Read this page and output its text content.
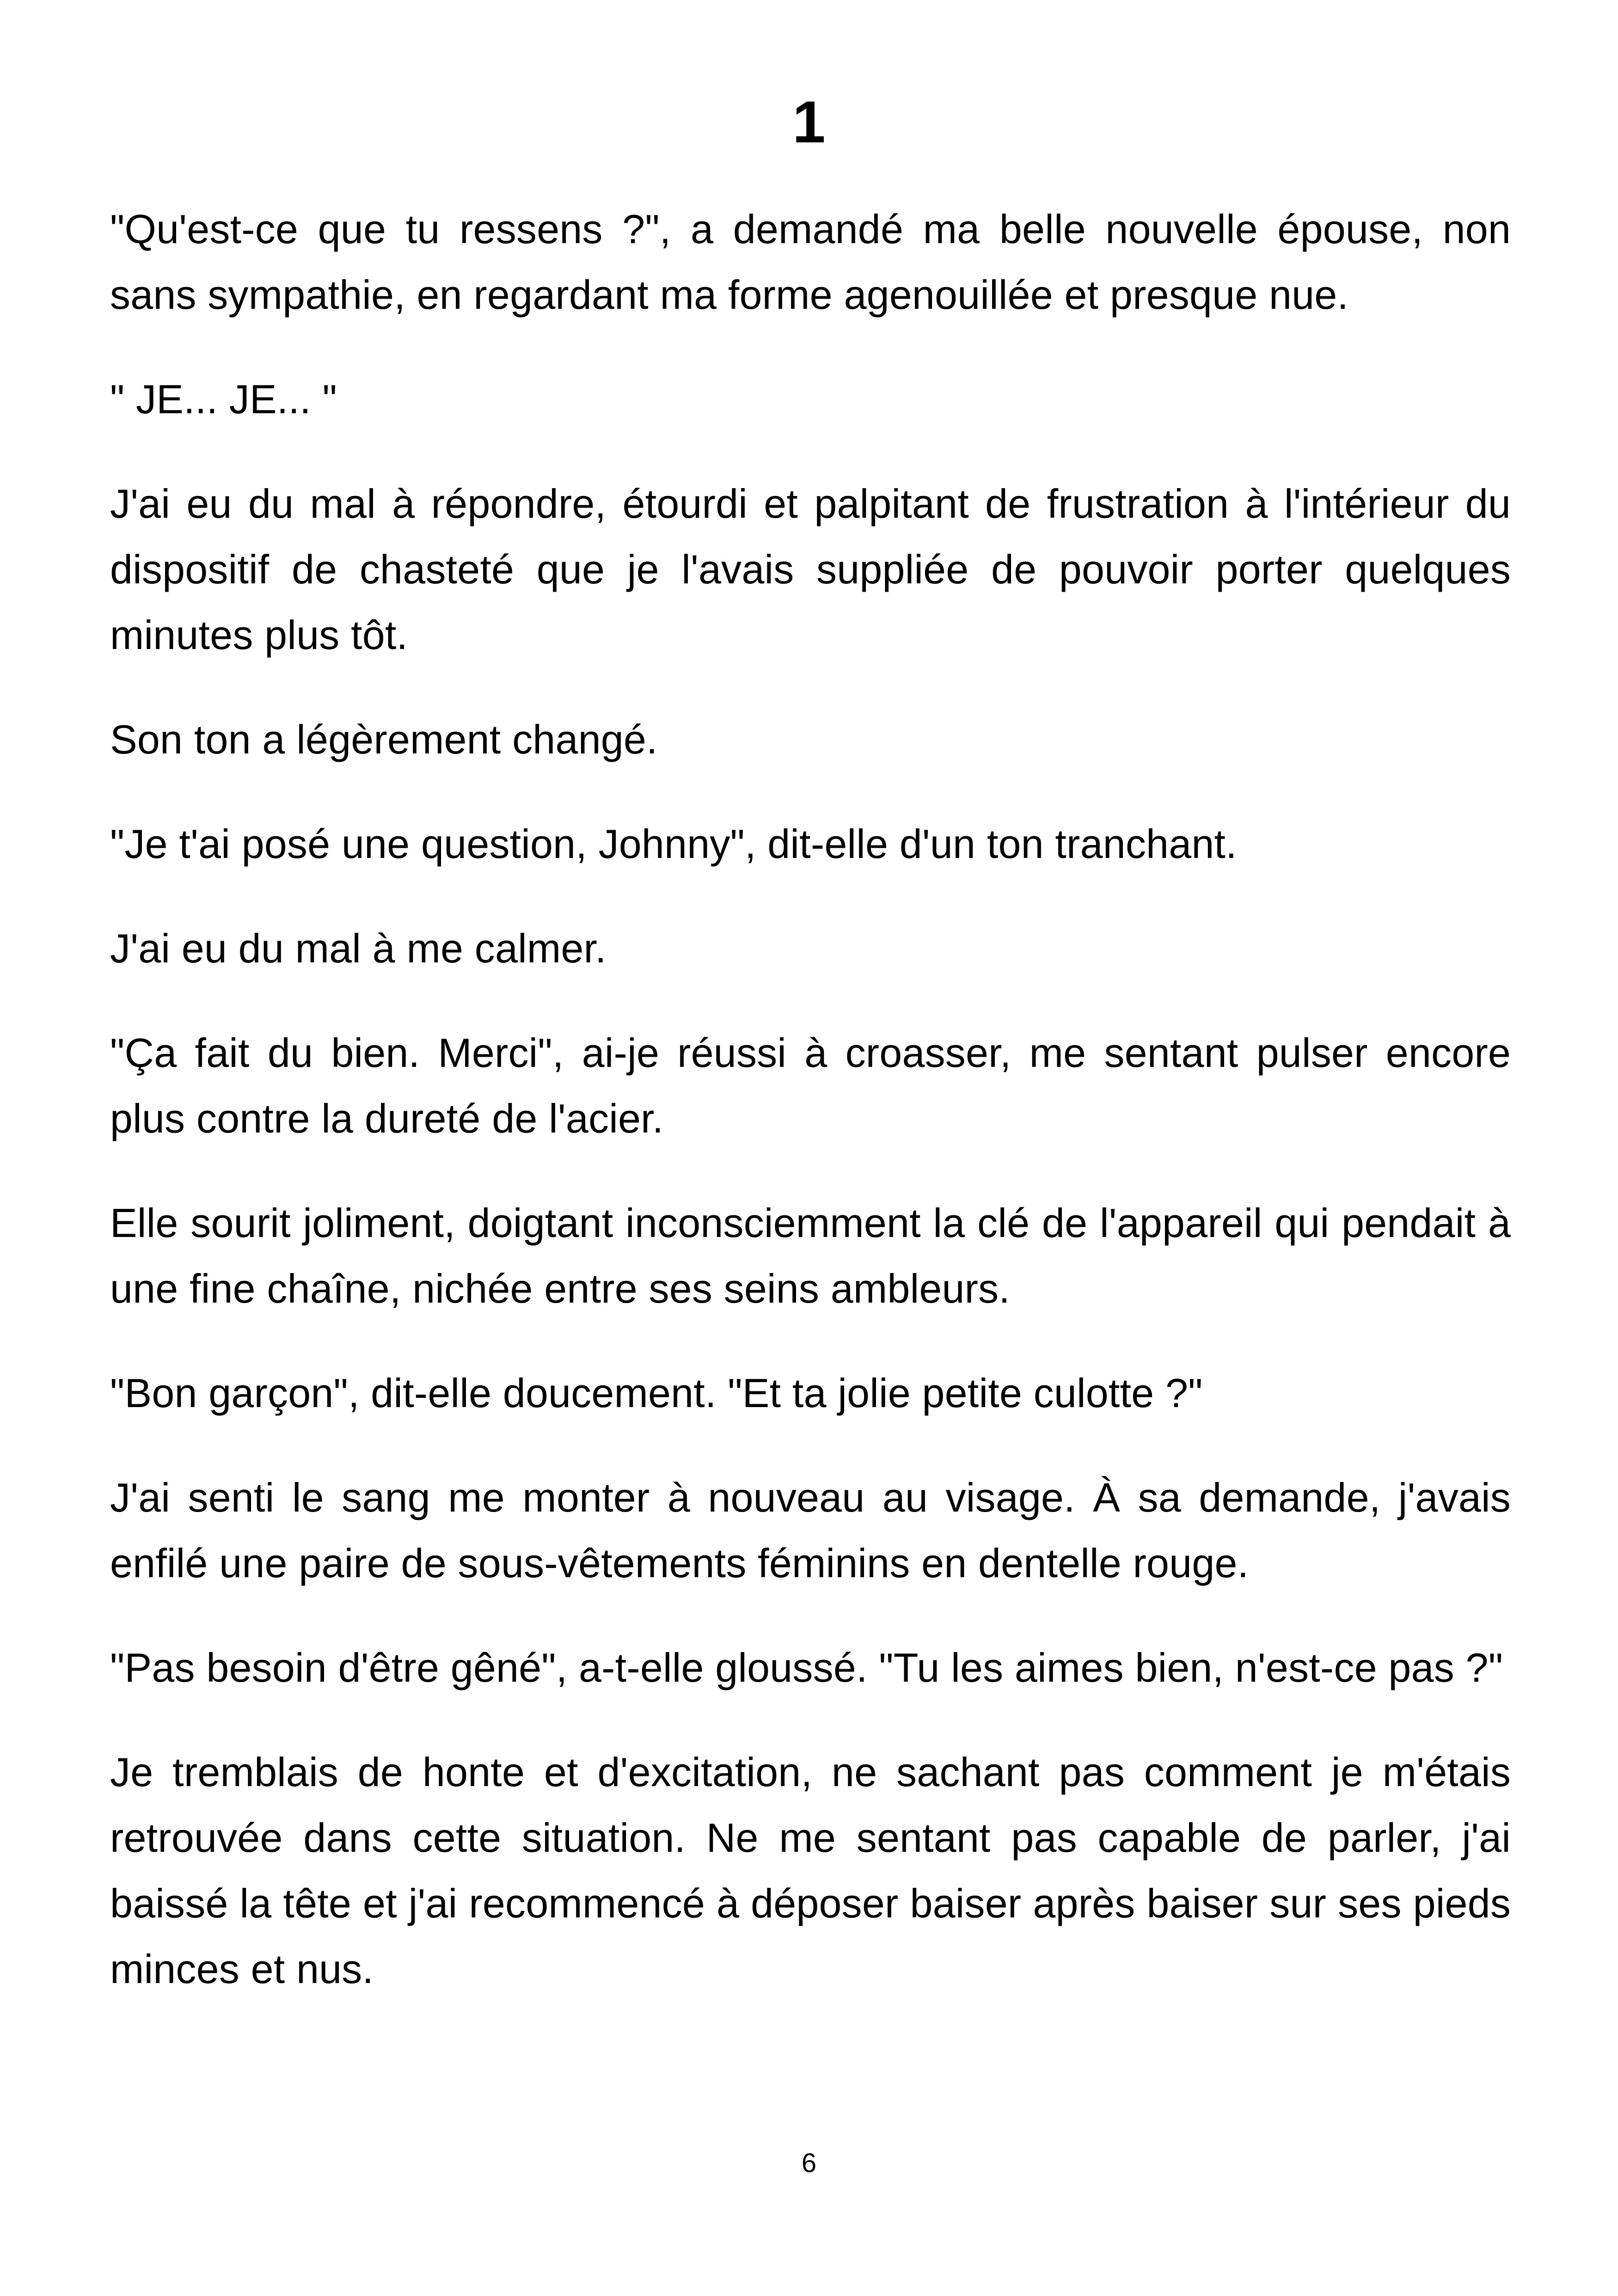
1

"Qu'est-ce que tu ressens ?", a demandé ma belle nouvelle épouse, non sans sympathie, en regardant ma forme agenouillée et presque nue.

" JE... JE... "

J'ai eu du mal à répondre, étourdi et palpitant de frustration à l'intérieur du dispositif de chasteté que je l'avais suppliée de pouvoir porter quelques minutes plus tôt.

Son ton a légèrement changé.

"Je t'ai posé une question, Johnny", dit-elle d'un ton tranchant.

J'ai eu du mal à me calmer.

"Ça fait du bien. Merci", ai-je réussi à croasser, me sentant pulser encore plus contre la dureté de l'acier.

Elle sourit joliment, doigtant inconsciemment la clé de l'appareil qui pendait à une fine chaîne, nichée entre ses seins ambleurs.

"Bon garçon", dit-elle doucement. "Et ta jolie petite culotte ?"

J'ai senti le sang me monter à nouveau au visage. À sa demande, j'avais enfilé une paire de sous-vêtements féminins en dentelle rouge.

"Pas besoin d'être gêné", a-t-elle gloussé. "Tu les aimes bien, n'est-ce pas ?"

Je tremblais de honte et d'excitation, ne sachant pas comment je m'étais retrouvée dans cette situation. Ne me sentant pas capable de parler, j'ai baissé la tête et j'ai recommencé à déposer baiser après baiser sur ses pieds minces et nus.

6
